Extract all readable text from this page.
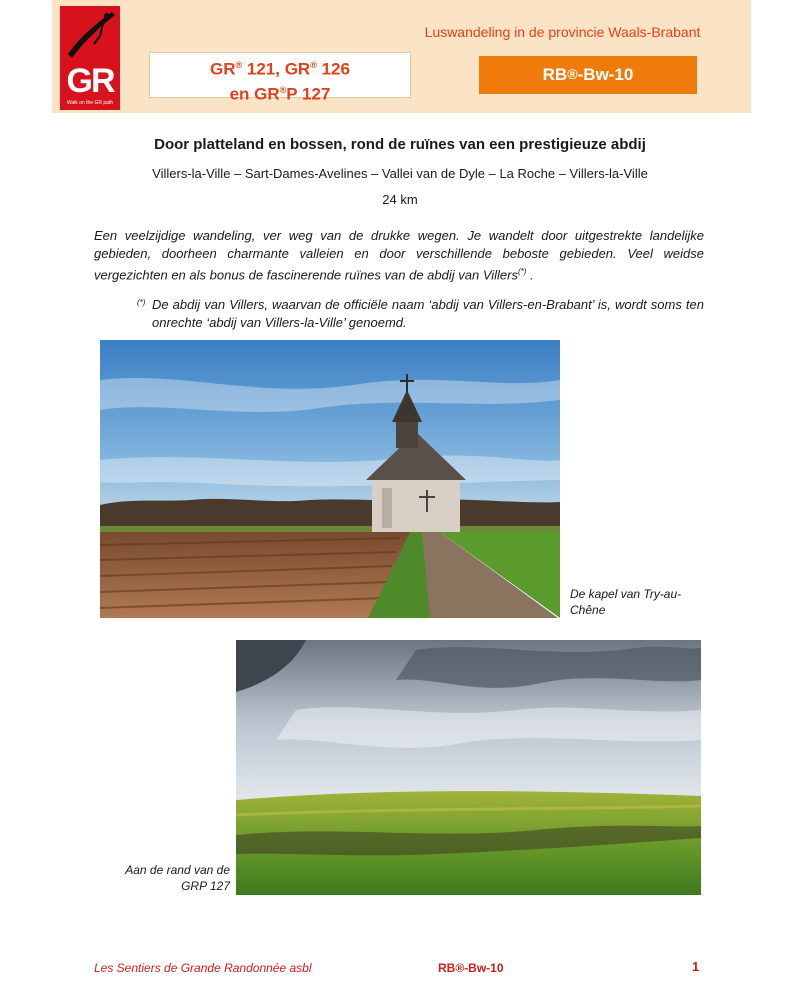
GR
Walk on the GR path
GR® 121, GR® 126
en GR®P 127
Luswandeling in de provincie Waals-Brabant
RB ® -Bw-10
Door platteland en bossen, rond de ruïnes van een prestigieuze abdij
Villers-la-Ville – Sart-Dames-Avelines – Vallei van de Dyle – La Roche – Villers-la-Ville
24 km
Een veelzijdige wandeling, ver weg van de drukke wegen. Je wandelt door uitgestrekte landelijke gebieden, doorheen charmante valleien en door verschillende beboste gebieden. Veel weidse vergezichten en als bonus de fascinerende ruïnes van de abdij van Villers(*) .
(*) De abdij van Villers, waarvan de officiële naam ‘abdij van Villers-en-Brabant’ is, wordt soms ten onrechte ‘abdij van Villers-la-Ville’ genoemd.
De kapel van Try-au-Chêne
Aan de rand van de GRP 127
Les Sentiers de Grande Randonnée asbl	RB®-Bw-10	1
